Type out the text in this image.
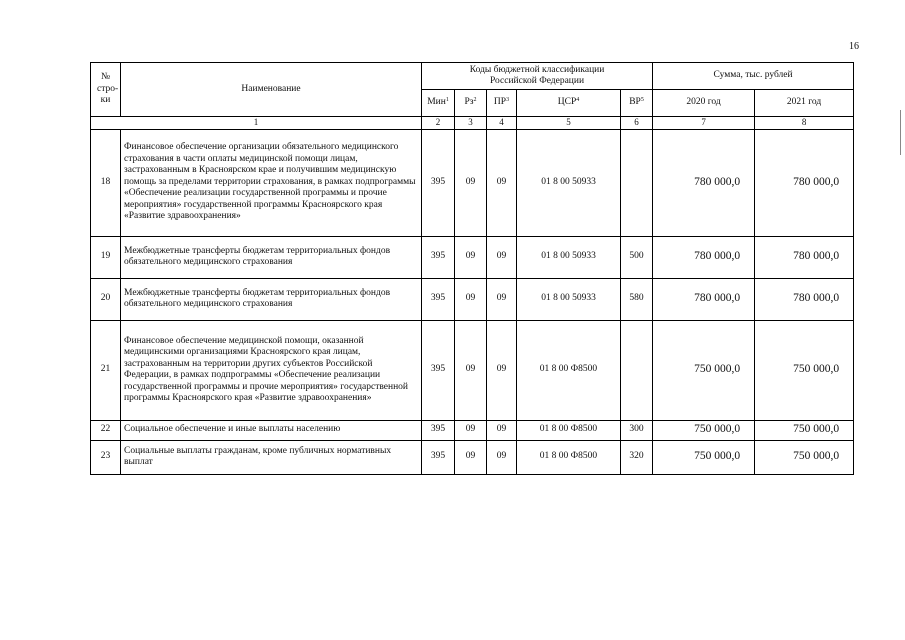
16
№ стро-ки	Наименование	Коды бюджетной классификации Российской Федерации					Сумма, тыс. рублей	
		Мин$^1$	$Рз^2$	$ПР^3$	ЦСР$^4$	$ВР^5$	2020 год	2021 год
1		2	3	4	5	6	7	8
18	Финансовое обеспечение организации обязательного медицинского страхования в части оплаты медицинской помощи лицам, застрахованным в Красноярском крае и получившим медицинскую помощь за пределами территории страхования, в рамках подпрограммы «Обеспечение реализации государственной программы и прочие мероприятия» государственной программы Красноярского края «Развитие здравоохранения»	395	09	09	01 8 00 50933		780 000,0	780 000,0
19	Межбюджетные трансферты бюджетам территориальных фондов обязательного медицинского страхования	395	09	09	01 8 00 50933	500	780 000,0	780 000,0
20	Межбюджетные трансферты бюджетам территориальных фондов обязательного медицинского страхования	395	09	09	01 8 00 50933	580	780 000,0	780 000,0
21	Финансовое обеспечение медицинской помощи, оказанной медицинскими организациями Красноярского края лицам, застрахованным на территории других субъектов Российской Федерации, в рамках подпрограммы «Обеспечение реализации государственной программы и прочие мероприятия» государственной программы Красноярского края «Развитие здравоохранения»	395	09	09	01 8 00 Ф8500		750 000,0	750 000,0
22	Социальное обеспечение и иные выплаты населению	395	09	09	01 8 00 Ф8500	300	750 000,0	750 000,0
23	Социальные выплаты гражданам, кроме публичных нормативных выплат	395	09	09	01 8 00 Ф8500	320	750 000,0	750 000,0
